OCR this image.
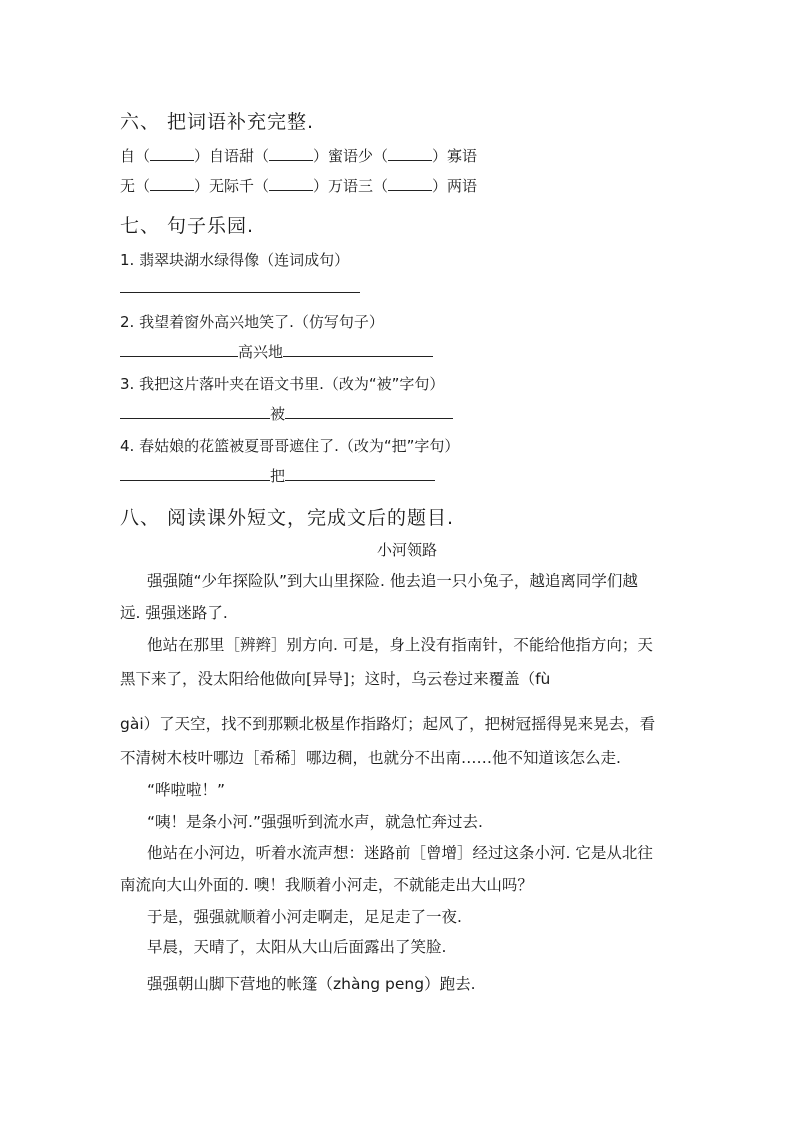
六、 把词语补充完整.
自（	）自语甜（	）蜜语少（	）寡语
无（	）无际千（	）万语三（	）两语
七、 句子乐园.
1. 翡翠块湖水绿得像（连词成句）
2. 我望着窗外高兴地笑了.（仿写句子）
高兴地
3. 我把这片落叶夹在语文书里.（改为“被”字句）
被
4. 春姑娘的花篮被夏哥哥遮住了.（改为“把”字句）
把
八、 阅读课外短文，完成文后的题目.
小河领路
强强随“少年探险队”到大山里探险. 他去追一只小兔子，越追离同学们越
远. 强强迷路了.
他站在那里［辨辫］别方向. 可是，身上没有指南针，不能给他指方向；天
黑下来了，没太阳给他做向[异导]；这时，乌云卷过来覆盖（fù
gài）了天空，找不到那颗北极星作指路灯；起风了，把树冠摇得晃来晃去，看
不清树木枝叶哪边［希稀］哪边稠，也就分不出南……他不知道该怎么走.
“哗啦啦！”
“咦！是条小河.”强强听到流水声，就急忙奔过去.
他站在小河边，听着水流声想：迷路前［曾增］经过这条小河. 它是从北往
南流向大山外面的. 噢！我顺着小河走，不就能走出大山吗？
于是，强强就顺着小河走啊走，足足走了一夜.
早晨，天晴了，太阳从大山后面露出了笑脸.
强强朝山脚下营地的帐篷（zhàng peng）跑去.
